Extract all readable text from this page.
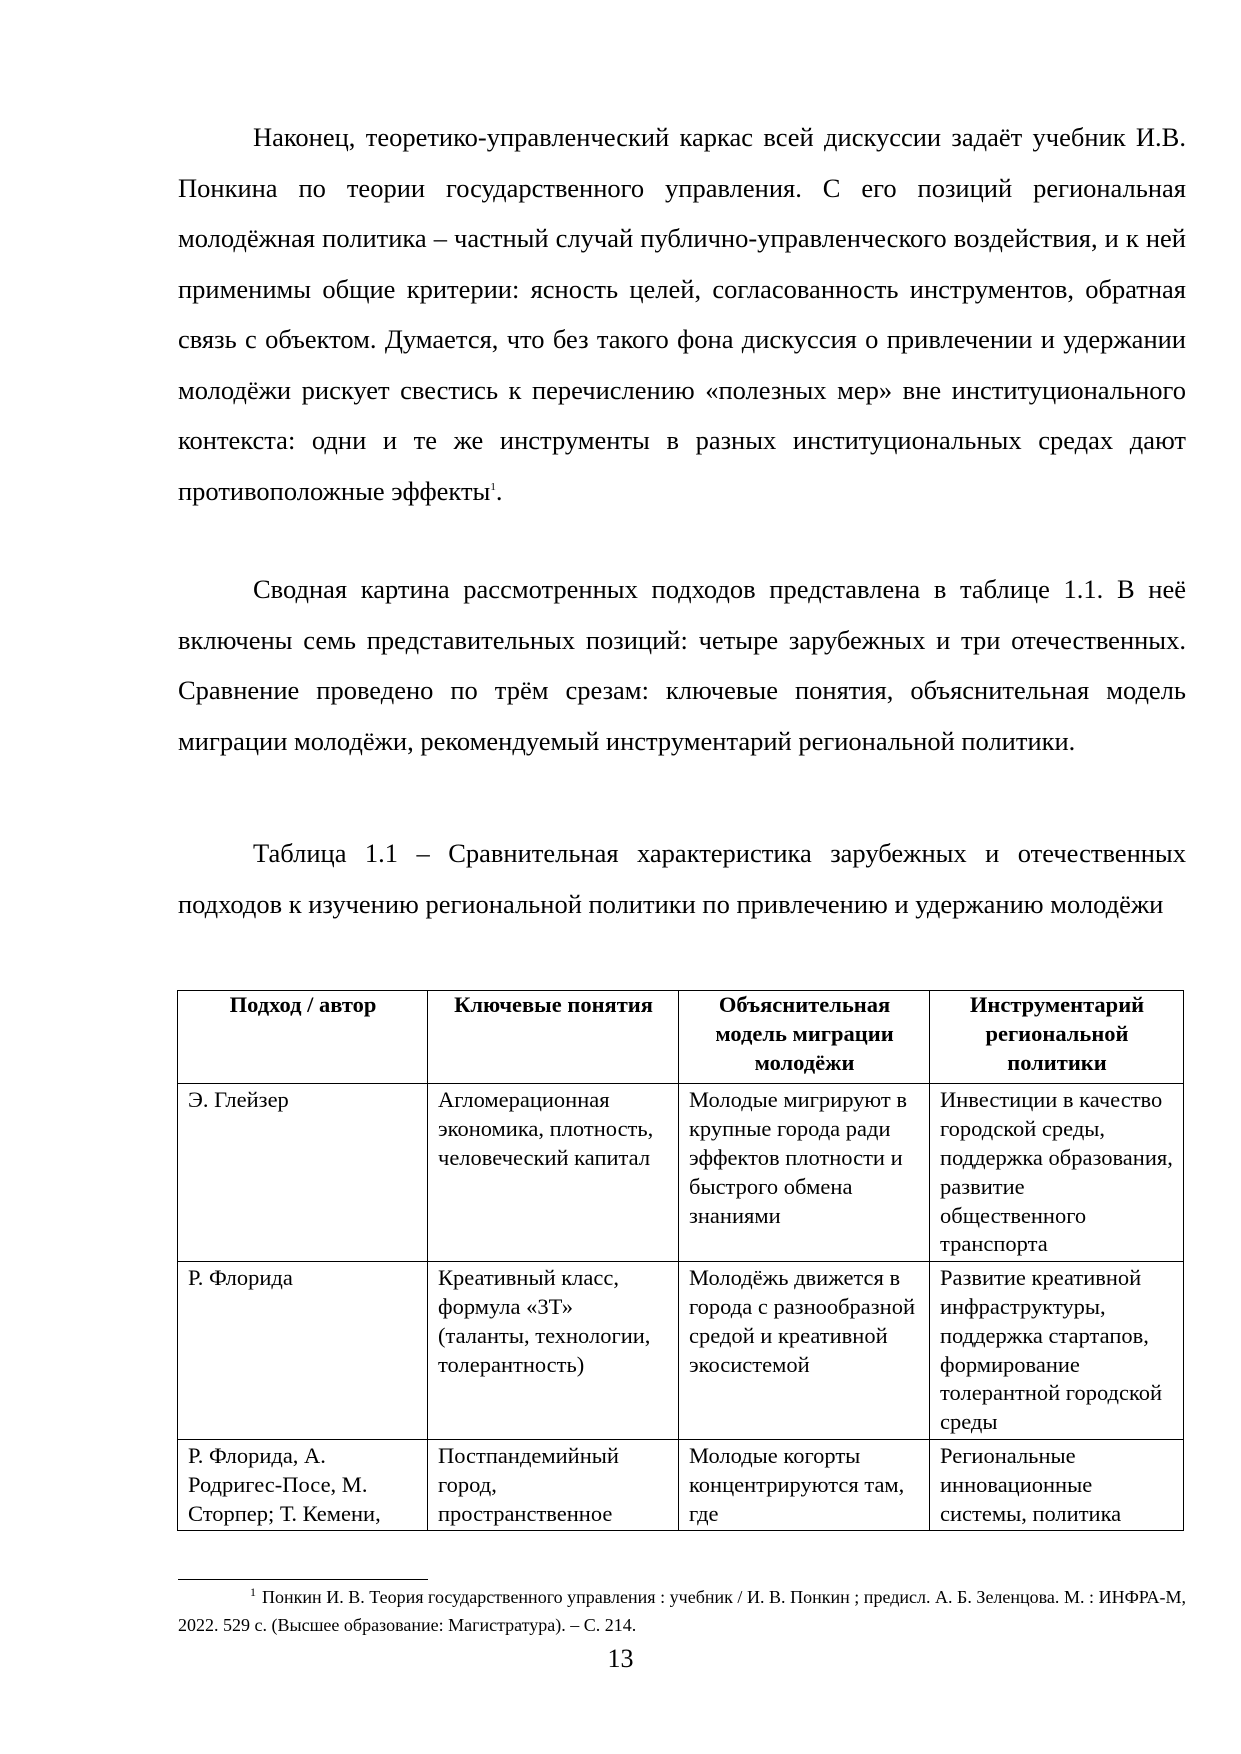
Наконец, теоретико-управленческий каркас всей дискуссии задаёт учебник И.В. Понкина по теории государственного управления. С его позиций региональная молодёжная политика – частный случай публично-управленческого воздействия, и к ней применимы общие критерии: ясность целей, согласованность инструментов, обратная связь с объектом. Думается, что без такого фона дискуссия о привлечении и удержании молодёжи рискует свестись к перечислению «полезных мер» вне институционального контекста: одни и те же инструменты в разных институциональных средах дают противоположные эффекты$^1$.

Сводная картина рассмотренных подходов представлена в таблице 1.1. В неё включены семь представительных позиций: четыре зарубежных и три отечественных. Сравнение проведено по трём срезам: ключевые понятия, объяснительная модель миграции молодёжи, рекомендуемый инструментарий региональной политики.

Таблица 1.1 – Сравнительная характеристика зарубежных и отечественных подходов к изучению региональной политики по привлечению и удержанию молодёжи

Подход / автор	Ключевые понятия	Объяснительная модель миграции молодёжи	Инструментарий региональной политики
Э. Глейзер	Агломерационная экономика, плотность, человеческий капитал	Молодые мигрируют в крупные города ради эффектов плотности и быстрого обмена знаниями	Инвестиции в качество городской среды, поддержка образования, развитие общественного транспорта
Р. Флорида	Креативный класс, формула «3Т» (таланты, технологии, толерантность)	Молодёжь движется в города с разнообразной средой и креативной экосистемой	Развитие креативной инфраструктуры, поддержка стартапов, формирование толерантной городской среды
Р. Флорида, А. Родригес-Посе, М. Сторпер; Т. Кемени,	Постпандемийный город, пространственное	Молодые когорты концентрируются там, где	Региональные инновационные системы, политика

$^1$ Понкин И. В. Теория государственного управления : учебник / И. В. Понкин ; предисл. А. Б. Зеленцова. М. : ИНФРА-М, 2022. 529 с. (Высшее образование: Магистратура). – С. 214.

13
